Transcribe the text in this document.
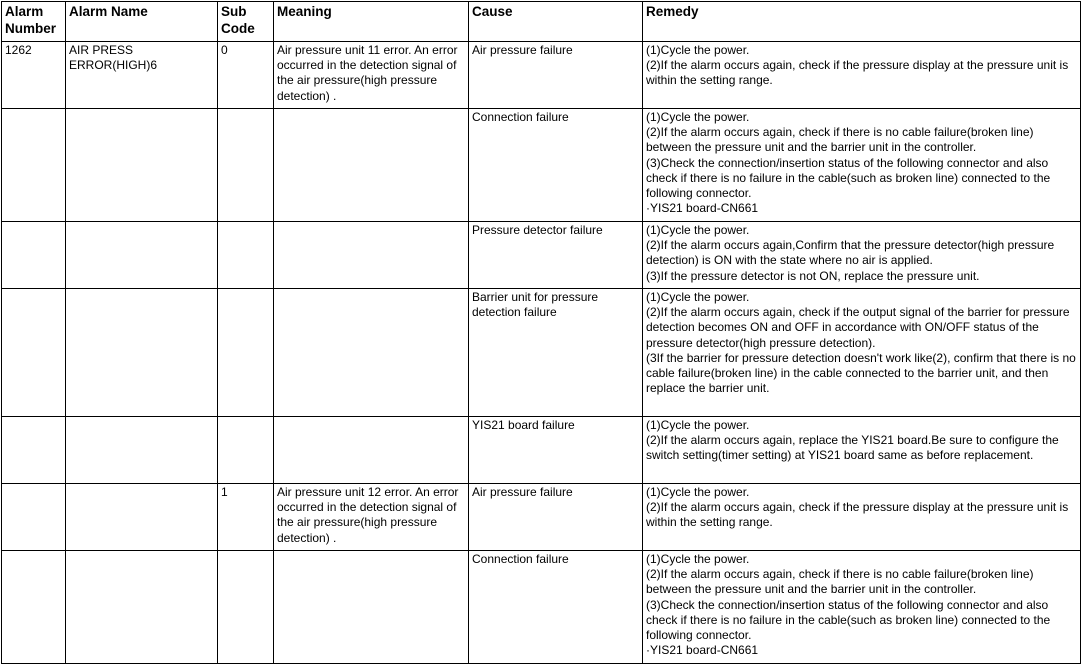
Alarm Number	Alarm Name	Sub Code	Meaning	Cause	Remedy
1262	AIR PRESS ERROR(HIGH)6	0	Air pressure unit 11 error. An error occurred in the detection signal of the air pressure(high pressure detection) .	Air pressure failure	(1)Cycle the power.
(2)If the alarm occurs again, check if the pressure display at the pressure unit is within the setting range.

				Connection failure	(1)Cycle the power.
(2)If the alarm occurs again, check if there is no cable failure(broken line) between the pressure unit and the barrier unit in the controller.
(3)Check the connection/insertion status of the following connector and also check if there is no failure in the cable(such as broken line) connected to the following connector.
·YIS21 board-CN661

				Pressure detector failure	(1)Cycle the power.
(2)If the alarm occurs again,Confirm that the pressure detector(high pressure detection) is ON with the state where no air is applied.
(3)If the pressure detector is not ON, replace the pressure unit.

				Barrier unit for pressure detection failure	(1)Cycle the power.
(2)If the alarm occurs again, check if the output signal of the barrier for pressure detection becomes ON and OFF in accordance with ON/OFF status of the pressure detector(high pressure detection).
(3If the barrier for pressure detection doesn't work like(2), confirm that there is no cable failure(broken line) in the cable connected to the barrier unit, and then replace the barrier unit.

				YIS21 board failure	(1)Cycle the power.
(2)If the alarm occurs again, replace the YIS21 board.Be sure to configure the switch setting(timer setting) at YIS21 board same as before replacement.

		1	Air pressure unit 12 error. An error occurred in the detection signal of the air pressure(high pressure detection) .	Air pressure failure	(1)Cycle the power.
(2)If the alarm occurs again, check if the pressure display at the pressure unit is within the setting range.

				Connection failure	(1)Cycle the power.
(2)If the alarm occurs again, check if there is no cable failure(broken line) between the pressure unit and the barrier unit in the controller.
(3)Check the connection/insertion status of the following connector and also check if there is no failure in the cable(such as broken line) connected to the following connector.
·YIS21 board-CN661
